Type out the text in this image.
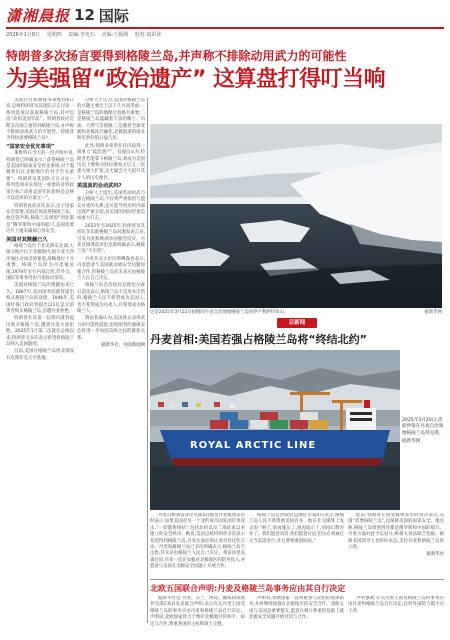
潇湘晨报 12 国际
2026年1月8日 星期四 责编:李兆石 美编:王振刚 校对:胡彩萍
特朗普多次扬言要得到格陵兰岛,并声称不排除动用武力的可能性
为美强留“政治遗产” 这算盘打得叮当响

美国白宫新闻秘书莱维特6日说,总统特朗普及其团队正在讨论一系列选项以获取格陵兰岛,其中包括“动用美国军队”。特朗普政府近期多次扬言要得到格陵兰岛,并声称不排除动用武力的可能性。特朗普为何执意要格陵兰岛?

“国家安全优先事项”

莱维特在当天的一份声明中说,特朗普已明确表示,“获得格陵兰岛是美国的国家安全优先事项,对于遏制我们在北极地区的对手至关重要”。特朗普及其团队正在讨论一系列选项来实现这一重要的对外政策目标,“动用美国军队始终是总统可以选择的方案之一”。

特朗普此前多次表示,出于国家安全需要,美国必须获得格陵兰岛。他还曾声称,格陵兰岛周围“到处都是”俄罗斯和中国的船只,美国需要这片土地来确保自身安全。

美国对其觊觎已久

格陵兰岛位于北美洲东北部,大部分地区位于北极圈内,扼守北大西洋通往北冰洋的要道,战略地位十分重要。格陵兰岛原为丹麦殖民地,1979年实行内部自治,但外交、国防等事务仍由丹麦政府掌管。

美国对格陵兰岛的觊觎由来已久。1867年,美国国务院就曾提出购买格陵兰岛的设想。1946年,美国杜鲁门政府曾提出以1亿美元的黄金购买格陵兰岛,但遭丹麦拒绝。

特朗普在其第一任期内就曾提出购买格陵兰岛,遭到丹麦方面拒绝。2025年1月第二次就任总统以来,特朗普又多次表示希望将格陵兰岛纳入美国版图。

目前,美国在格陵兰岛西北部设有皮图菲克太空基地。

分析人士认为,美国对格陵兰岛的兴趣主要出于以下几方面考虑:一是格陵兰岛的地理位置极为重要;二是格陵兰岛蕴藏着丰富的稀土、石油、天然气等资源;三是随着全球变暖和北极冰层融化,北极航道的商业和军事价值日益凸显。

此外,特朗普希望在任内取得一项重大“政治遗产”。有观点认为,特朗普若能拿下格陵兰岛,将成为美国历史上继购买阿拉斯加之后又一次重大领土扩张,这无疑会大大提升其个人的历史地位。

美国真的会动武吗?

分析人士指出,美国若动用武力强占格陵兰岛,不仅将严重损害与盟友丹麦的关系,还可能导致北约内部出现严重分裂,对美国的国际形象造成重大打击。

2022年至2025年,特朗普及其团队多次就格陵兰岛问题发表言论,引发丹麦和欧洲多国强烈反应。丹麦首相弗雷泽里克森明确表示,格陵兰岛“不出售”。

丹麦外交大臣拉斯穆森也表示,丹麦愿意与美国就北极安全问题加强合作,但格陵兰岛的未来应由格陵兰人民自己决定。

格陵兰岛自治政府总理尼尔森日前也表示,格陵兰岛不是用来出售的,格陵兰人民不希望成为美国人,也不希望成为丹麦人,只希望成为格陵兰人。

舆论普遍认为,美国真正动用武力的可能性较低,但特朗普的强硬表态将进一步加剧美欧之间的紧张关系。

据新华社、中国新闻网

这是2025年3月22日拍摄的丹麦自治领地格陵兰岛的伊卢利萨特冰山。	据新华网
目新闻
丹麦首相:美国若强占格陵兰岛将“终结北约”
ROYAL ARCTIC LINE
2025年3月20日,货船停靠在丹麦自治领地格陵兰岛努克港。
据新华网

丹麦首相弗雷泽里克森5日接受丹麦媒体采访时表示,如果美国对另一个北约成员国发动军事攻击,“一切都将终结”,包括北约以及二战结束以来建立的安全秩序。她说,美国总统特朗普多次表示希望得到格陵兰岛,丹麦方面必须认真对待这些言论。丹麦和格陵兰岛已多次明确表示,格陵兰岛不出售,其未来由格陵兰人民自己决定。弗雷泽里克森还说,丹麦一直在加强对北极地区的防务投入,并愿意与美国在北极安全问题上开展合作。

格陵兰岛自治政府总理尼尔森5日表示,格陵兰岛人民不希望被美国吞并。他在社交媒体上发文说:“够了,别再施压了,别再暗示了,别再幻想吞并了。我们愿意对话,我们愿意讨论,但这必须通过正当渠道进行,并且要尊重国际法。”

此前,特朗普在接受媒体采访时再次表示,美国“需要格陵兰岛”,以保障美国的国家安全。他还称,格陵兰岛周围到处都是俄罗斯和中国的船只。丹麦方面对此予以驳斥,称相关说法缺乏依据。欧洲多国领导人也纷纷表态,支持丹麦和格陵兰岛的立场。

据新华社

北欧五国联合声明:丹麦及格陵兰岛事务应由其自行决定

据新华社电 丹麦、芬兰、冰岛、挪威和瑞典外交部长6日发表联合声明,表示有关丹麦王国及格陵兰岛的事务应由丹麦和格陵兰岛自行决定。声明说,北欧国家致力于维护北极地区的和平、稳定与合作,尊重各国的主权和领土完整。

声明说,北欧国家一直积极参与北约的集体防务,并将继续加强在北极地区的安全合作。北欧五国与美国是重要盟友,愿意在相互尊重的基础上就北极安全问题开展对话与合作。

声明强调,有关丹麦王国及格陵兰岛的事务应由丹麦和格陵兰岛自行决定,任何外部势力都不应干涉。
